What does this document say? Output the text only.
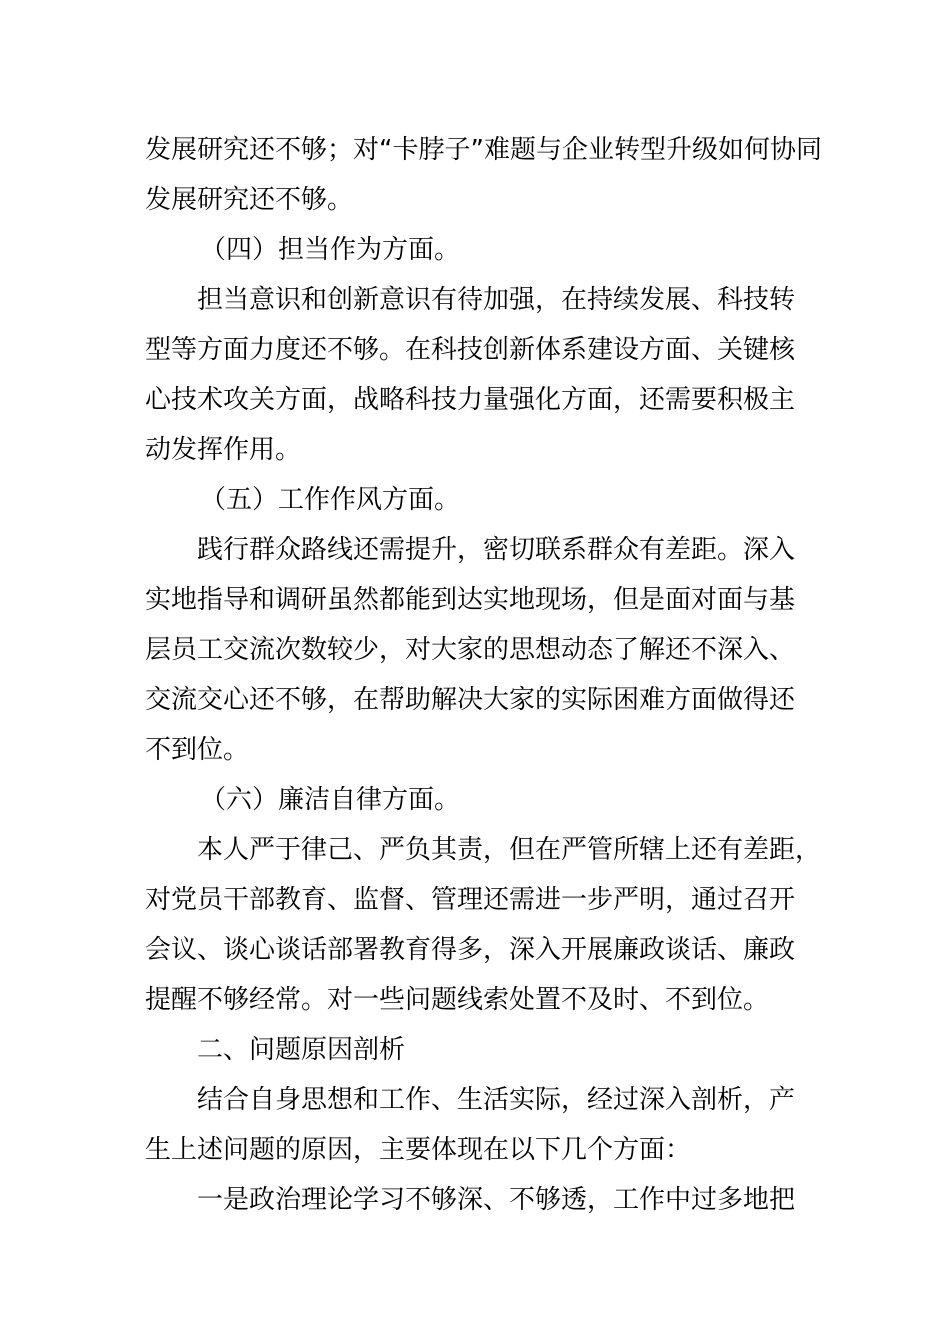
发展研究还不够；对“卡脖子”难题与企业转型升级如何协同
发展研究还不够。
（四）担当作为方面。
担当意识和创新意识有待加强，在持续发展、科技转
型等方面力度还不够。在科技创新体系建设方面、关键核
心技术攻关方面，战略科技力量强化方面，还需要积极主
动发挥作用。
（五）工作作风方面。
践行群众路线还需提升，密切联系群众有差距。深入
实地指导和调研虽然都能到达实地现场，但是面对面与基
层员工交流次数较少，对大家的思想动态了解还不深入、
交流交心还不够，在帮助解决大家的实际困难方面做得还
不到位。
（六）廉洁自律方面。
本人严于律己、严负其责，但在严管所辖上还有差距，
对党员干部教育、监督、管理还需进一步严明，通过召开
会议、谈心谈话部署教育得多，深入开展廉政谈话、廉政
提醒不够经常。对一些问题线索处置不及时、不到位。
二、问题原因剖析
结合自身思想和工作、生活实际，经过深入剖析，产
生上述问题的原因，主要体现在以下几个方面：
一是政治理论学习不够深、不够透，工作中过多地把
